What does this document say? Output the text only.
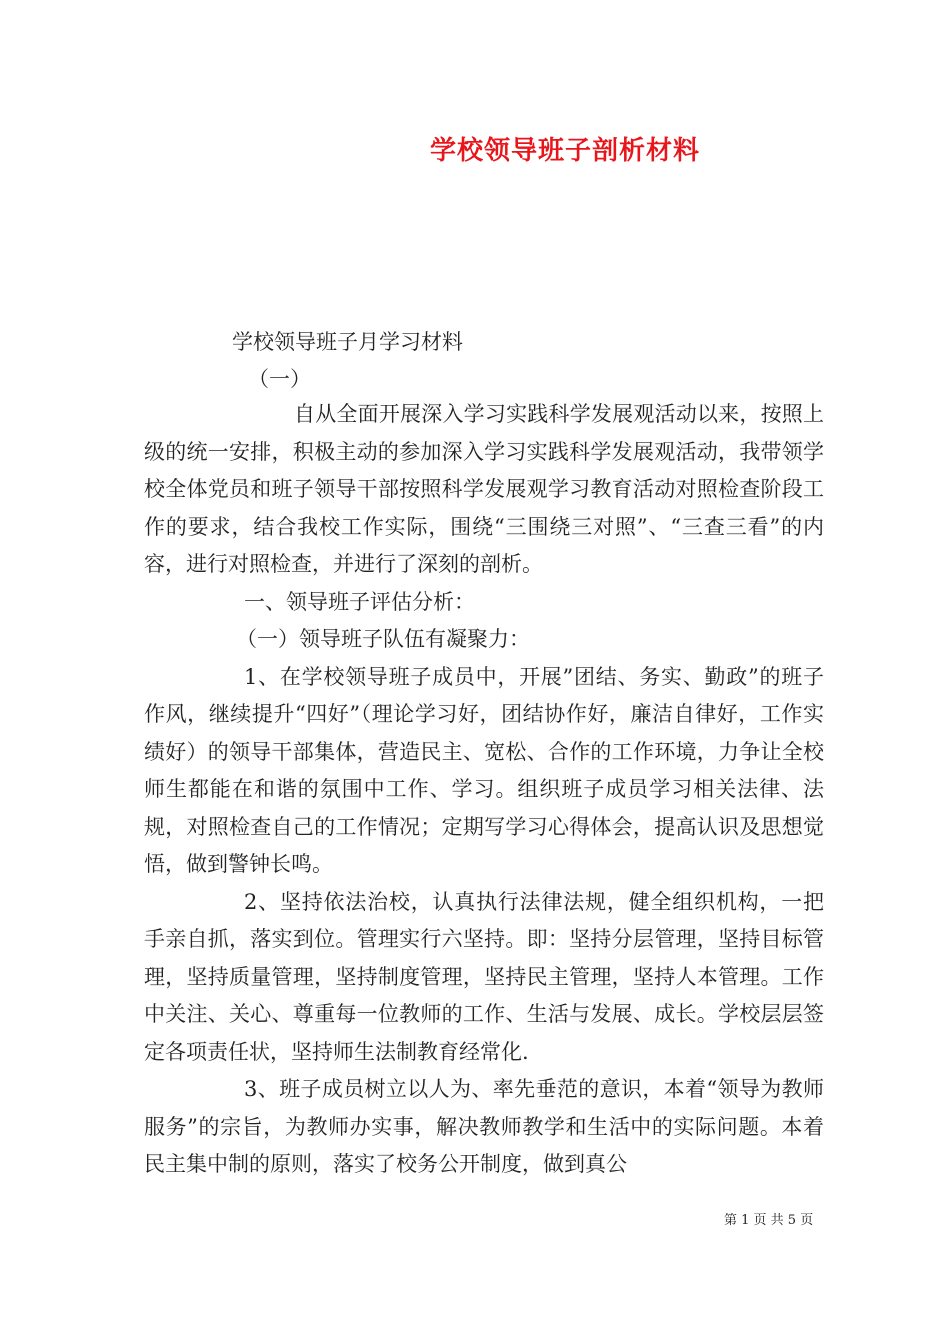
学校领导班子剖析材料
学校领导班子月学习材料
（一）

自从全面开展深入学习实践科学发展观活动以来，按照上级的统一安排，积极主动的参加深入学习实践科学发展观活动，我带领学校全体党员和班子领导干部按照科学发展观学习教育活动对照检查阶段工作的要求，结合我校工作实际，围绕“三围绕三对照”、“三查三看”的内容，进行对照检查，并进行了深刻的剖析。

一、领导班子评估分析：

（一）领导班子队伍有凝聚力：

1、在学校领导班子成员中，开展”团结、务实、勤政”的班子作风，继续提升“四好”（理论学习好，团结协作好，廉洁自律好，工作实绩好）的领导干部集体，营造民主、宽松、合作的工作环境，力争让全校师生都能在和谐的氛围中工作、学习。组织班子成员学习相关法律、法规，对照检查自己的工作情况；定期写学习心得体会，提高认识及思想觉悟，做到警钟长鸣。

2、坚持依法治校，认真执行法律法规，健全组织机构，一把手亲自抓，落实到位。管理实行六坚持。即：坚持分层管理，坚持目标管理，坚持质量管理，坚持制度管理，坚持民主管理，坚持人本管理。工作中关注、关心、尊重每一位教师的工作、生活与发展、成长。学校层层签定各项责任状，坚持师生法制教育经常化.

3、班子成员树立以人为、率先垂范的意识，本着“领导为教师服务”的宗旨，为教师办实事，解决教师教学和生活中的实际问题。本着民主集中制的原则，落实了校务公开制度，做到真公

第 1 页 共 5 页
